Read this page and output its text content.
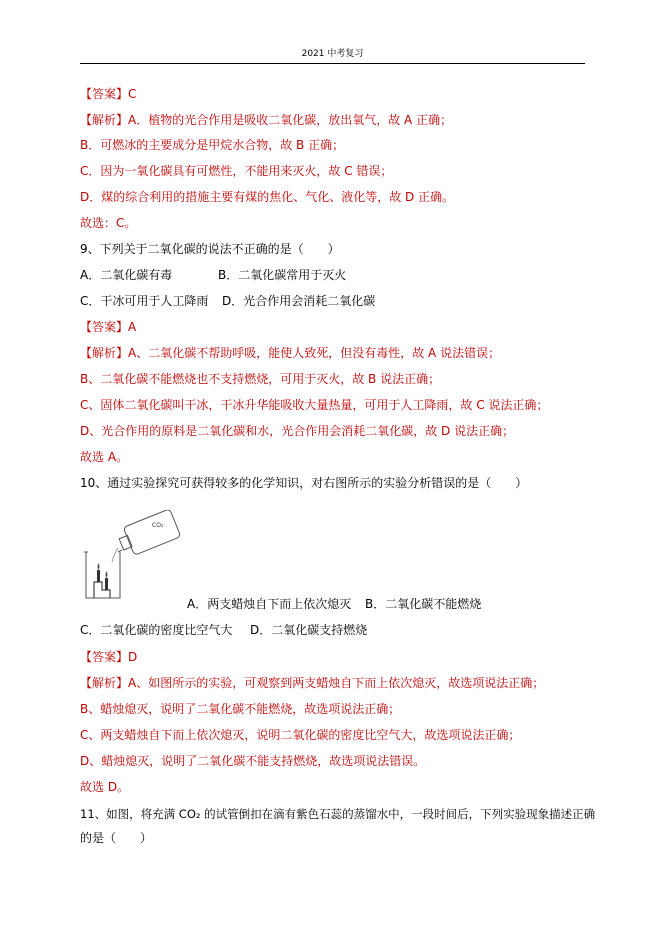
2021 中考复习
【答案】C
【解析】A．植物的光合作用是吸收二氧化碳，放出氧气，故 A 正确；
B．可燃冰的主要成分是甲烷水合物，故 B 正确；
C．因为一氧化碳具有可燃性，不能用来灭火，故 C 错误；
D．煤的综合利用的措施主要有煤的焦化、气化、液化等，故 D 正确。
故选：C。
9、下列关于二氧化碳的说法不正确的是（　　）
A．二氧化碳有毒	B．二氧化碳常用于灭火
C．干冰可用于人工降雨 D．光合作用会消耗二氧化碳
【答案】A
【解析】A、二氧化碳不帮助呼吸，能使人致死，但没有毒性，故 A 说法错误；
B、二氧化碳不能燃烧也不支持燃烧，可用于灭火，故 B 说法正确；
C、固体二氧化碳叫干冰，干冰升华能吸收大量热量，可用于人工降雨，故 C 说法正确；
D、光合作用的原料是二氧化碳和水，光合作用会消耗二氧化碳，故 D 说法正确；
故选 A。
10、通过实验探究可获得较多的化学知识，对右图所示的实验分析错误的是（　　）
CO₂
A．两支蜡烛自下而上依次熄灭 B．二氧化碳不能燃烧
C．二氧化碳的密度比空气大 D．二氧化碳支持燃烧
【答案】D
【解析】A、如图所示的实验，可观察到两支蜡烛自下而上依次熄灭，故选项说法正确；
B、蜡烛熄灭，说明了二氧化碳不能燃烧，故选项说法正确；
C、两支蜡烛自下而上依次熄灭，说明二氧化碳的密度比空气大，故选项说法正确；
D、蜡烛熄灭，说明了二氧化碳不能支持燃烧，故选项说法错误。
故选 D。
11、如图，将充满 CO₂ 的试管倒扣在滴有紫色石蕊的蒸馏水中，一段时间后，下列实验现象描述正确
的是（　　）
